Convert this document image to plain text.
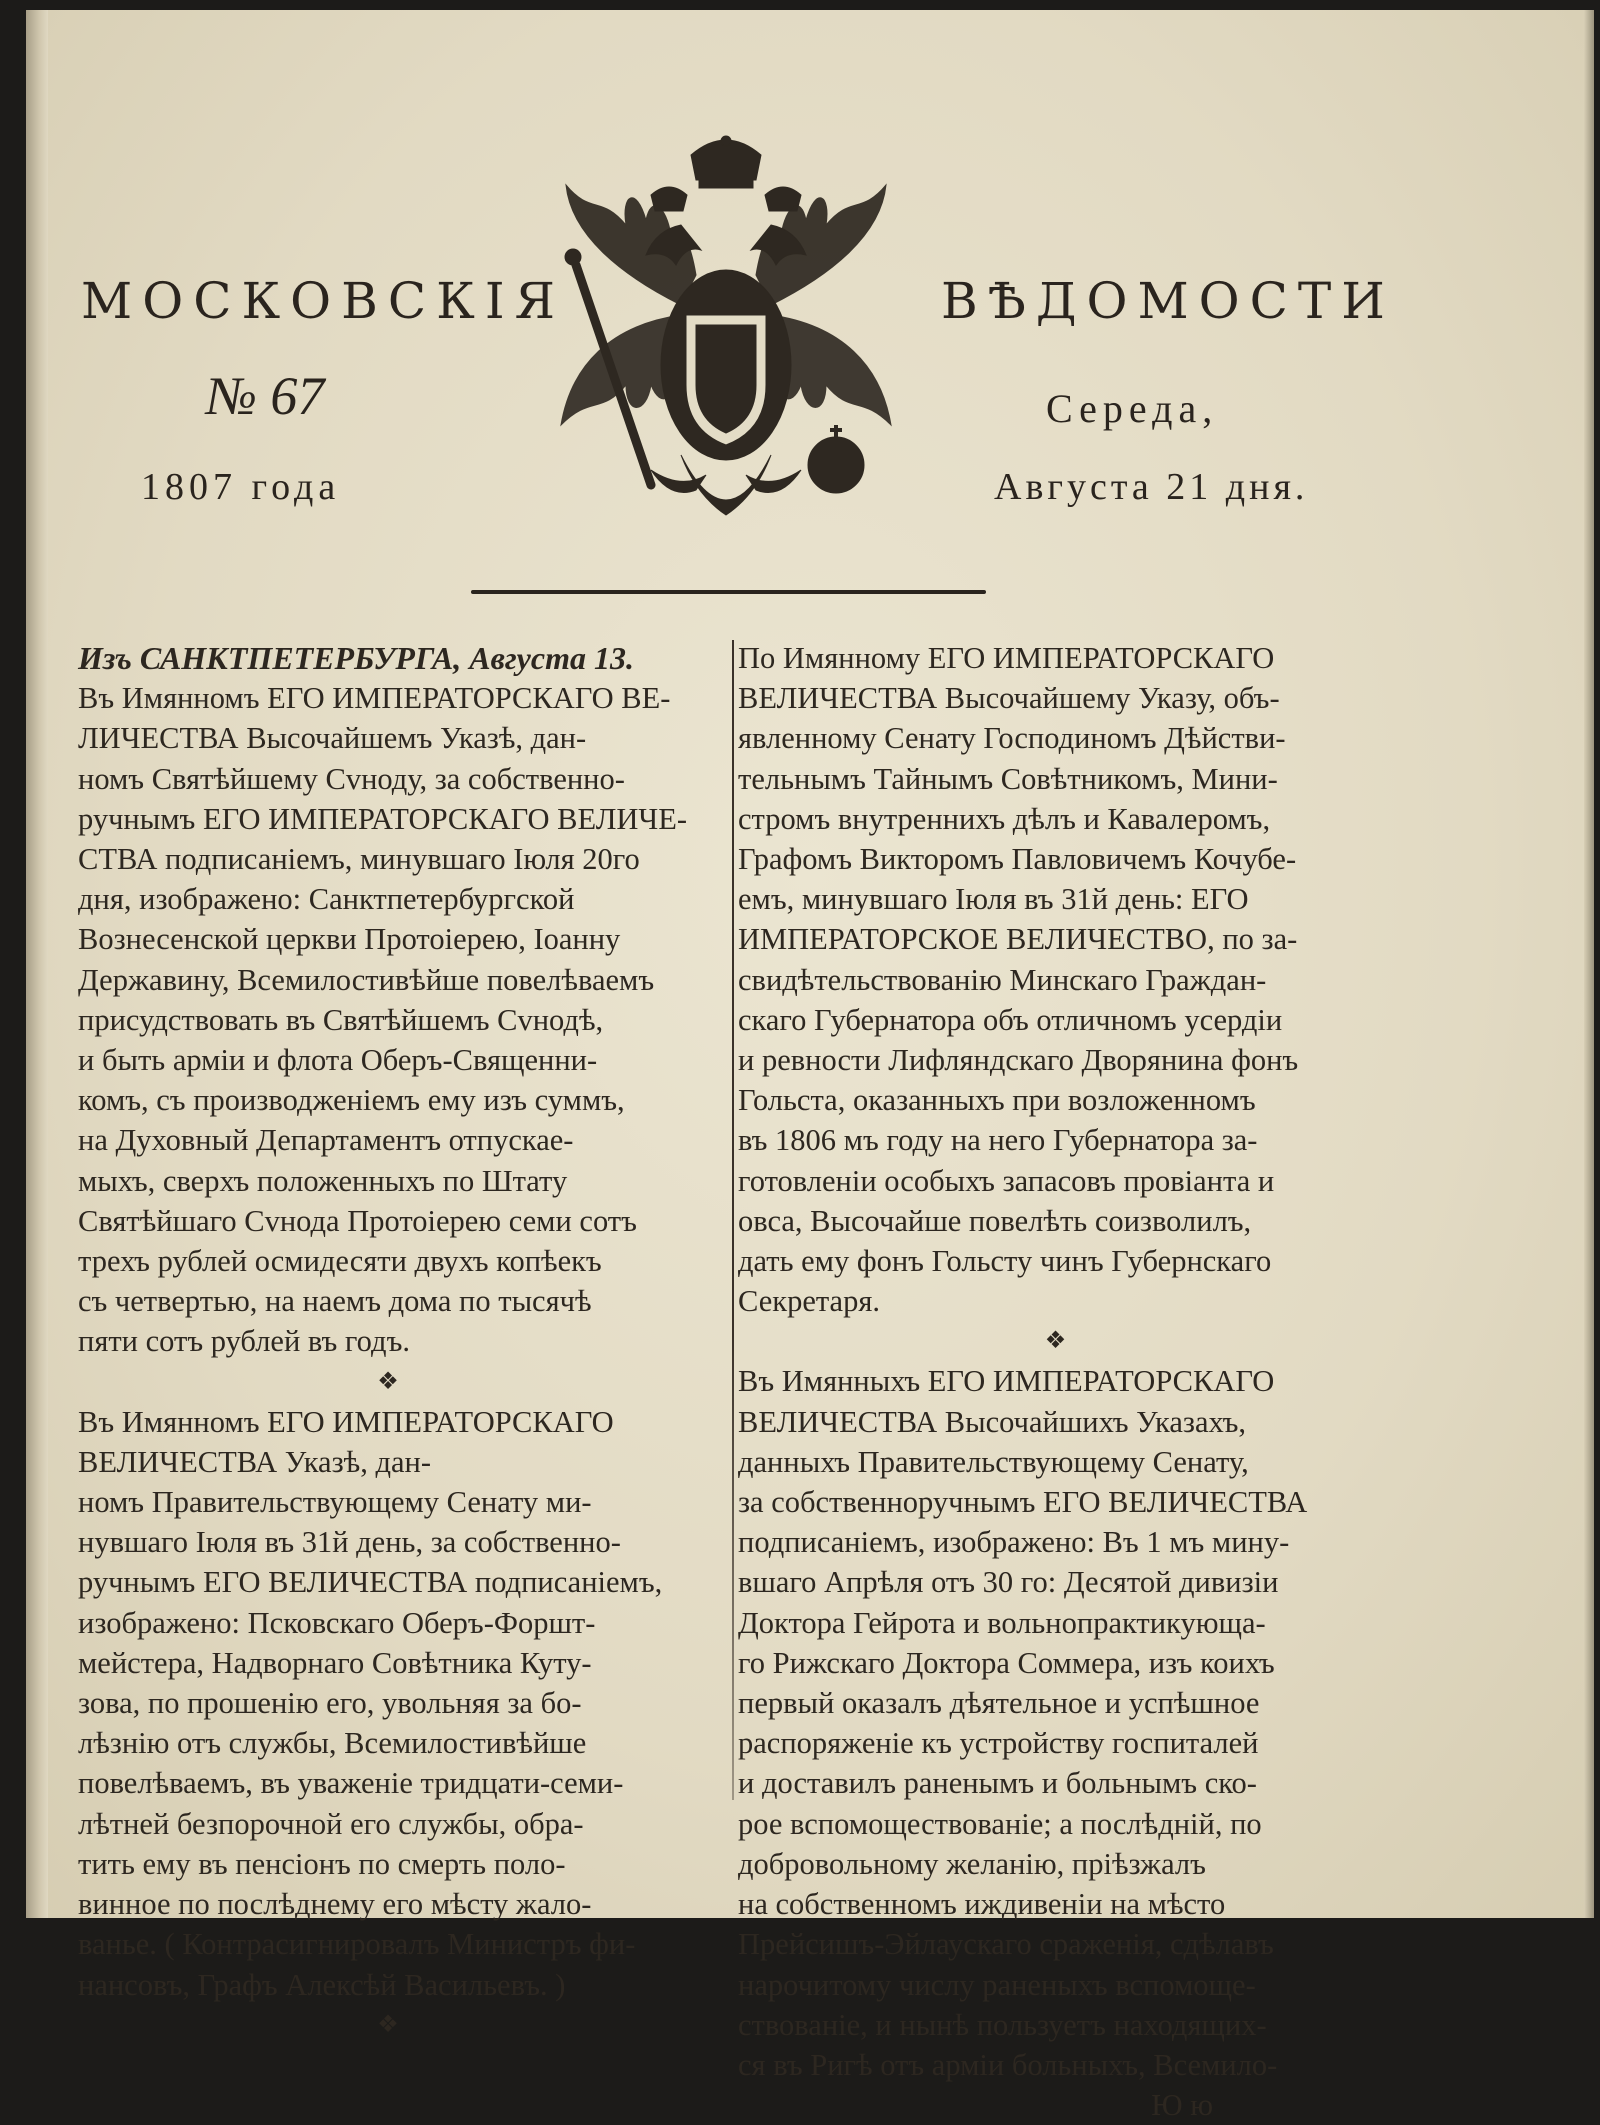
МОСКОВСКІЯ	ВѢДОМОСТИ
№ 67	Середа,
1807 года	Августа 21 дня.
Изъ САНКТПЕТЕРБУРГА, Августа 13.
Въ Имянномъ ЕГО ИМПЕРАТОРСКАГО ВЕ-
ЛИЧЕСТВА Высочайшемъ Указѣ, дан-
номъ Святѣйшему Сvноду, за собственно-
ручнымъ ЕГО ИМПЕРАТОРСКАГО ВЕЛИЧЕ-
СТВА подписаніемъ, минувшаго Іюля 20го
дня, изображено: Санктпетербургской
Вознесенской церкви Протоіерею, Іоанну
Державину, Всемилостивѣйше повелѣваемъ
присудствовать въ Святѣйшемъ Сvнодѣ,
и быть арміи и флота Оберъ-Священни-
комъ, съ производженіемъ ему изъ суммъ,
на Духовный Департаментъ отпускае-
мыхъ, сверхъ положенныхъ по Штату
Святѣйшаго Сvнода Протоіерею семи сотъ
трехъ рублей осмидесяти двухъ копѣекъ
съ четвертью, на наемъ дома по тысячѣ
пяти сотъ рублей въ годъ.
❖
Въ Имянномъ ЕГО ИМПЕРАТОРСКАГО
ВЕЛИЧЕСТВА Указѣ, дан-
номъ Правительствующему Сенату ми-
нувшаго Іюля въ 31й день, за собственно-
ручнымъ ЕГО ВЕЛИЧЕСТВА подписаніемъ,
изображено: Псковскаго Оберъ-Форшт-
мейстера, Надворнаго Совѣтника Куту-
зова, по прошенію его, увольняя за бо-
лѣзнію отъ службы, Всемилостивѣйше
повелѣваемъ, въ уваженіе тридцати-семи-
лѣтней безпорочной его службы, обра-
тить ему въ пенсіонъ по смерть поло-
винное по послѣднему его мѣсту жало-
ванье. ( Контрасигнировалъ Министръ фи-
нансовъ, Графъ Алексѣй Васильевъ. )
❖
По Имянному ЕГО ИМПЕРАТОРСКАГО
ВЕЛИЧЕСТВА Высочайшему Указу, объ-
явленному Сенату Господиномъ Дѣйстви-
тельнымъ Тайнымъ Совѣтникомъ, Мини-
стромъ внутреннихъ дѣлъ и Кавалеромъ,
Графомъ Викторомъ Павловичемъ Кочубе-
емъ, минувшаго Іюля въ 31й день: ЕГО
ИМПЕРАТОРСКОЕ ВЕЛИЧЕСТВО, по за-
свидѣтельствованію Минскаго Граждан-
скаго Губернатора объ отличномъ усердіи
и ревности Лифляндскаго Дворянина фонъ
Гольста, оказанныхъ при возложенномъ
въ 1806 мъ году на него Губернатора за-
готовленіи особыхъ запасовъ провіанта и
овса, Высочайше повелѣть соизволилъ,
дать ему фонъ Гольсту чинъ Губернскаго
Секретаря.
❖
Въ Имянныхъ ЕГО ИМПЕРАТОРСКАГО
ВЕЛИЧЕСТВА Высочайшихъ Указахъ,
данныхъ Правительствующему Сенату,
за собственноручнымъ ЕГО ВЕЛИЧЕСТВА
подписаніемъ, изображено: Въ 1 мъ мину-
вшаго Апрѣля отъ 30 го: Десятой дивизіи
Доктора Гейрота и вольнопрактикующа-
го Рижскаго Доктора Соммера, изъ коихъ
первый оказалъ дѣятельное и успѣшное
распоряженіе къ устройству госпиталей
и доставилъ раненымъ и больнымъ ско-
рое вспомоществованіе; а послѣдній, по
добровольному желанію, пріѣзжалъ
на собственномъ иждивеніи на мѣсто
Прейсишъ-Эйлаускаго сраженія, сдѣлавъ
нарочитому числу раненыхъ вспомоще-
ствованіе, и нынѣ пользуетъ находящих-
ся въ Ригѣ отъ арміи больныхъ, Всемило-
Ю ю
